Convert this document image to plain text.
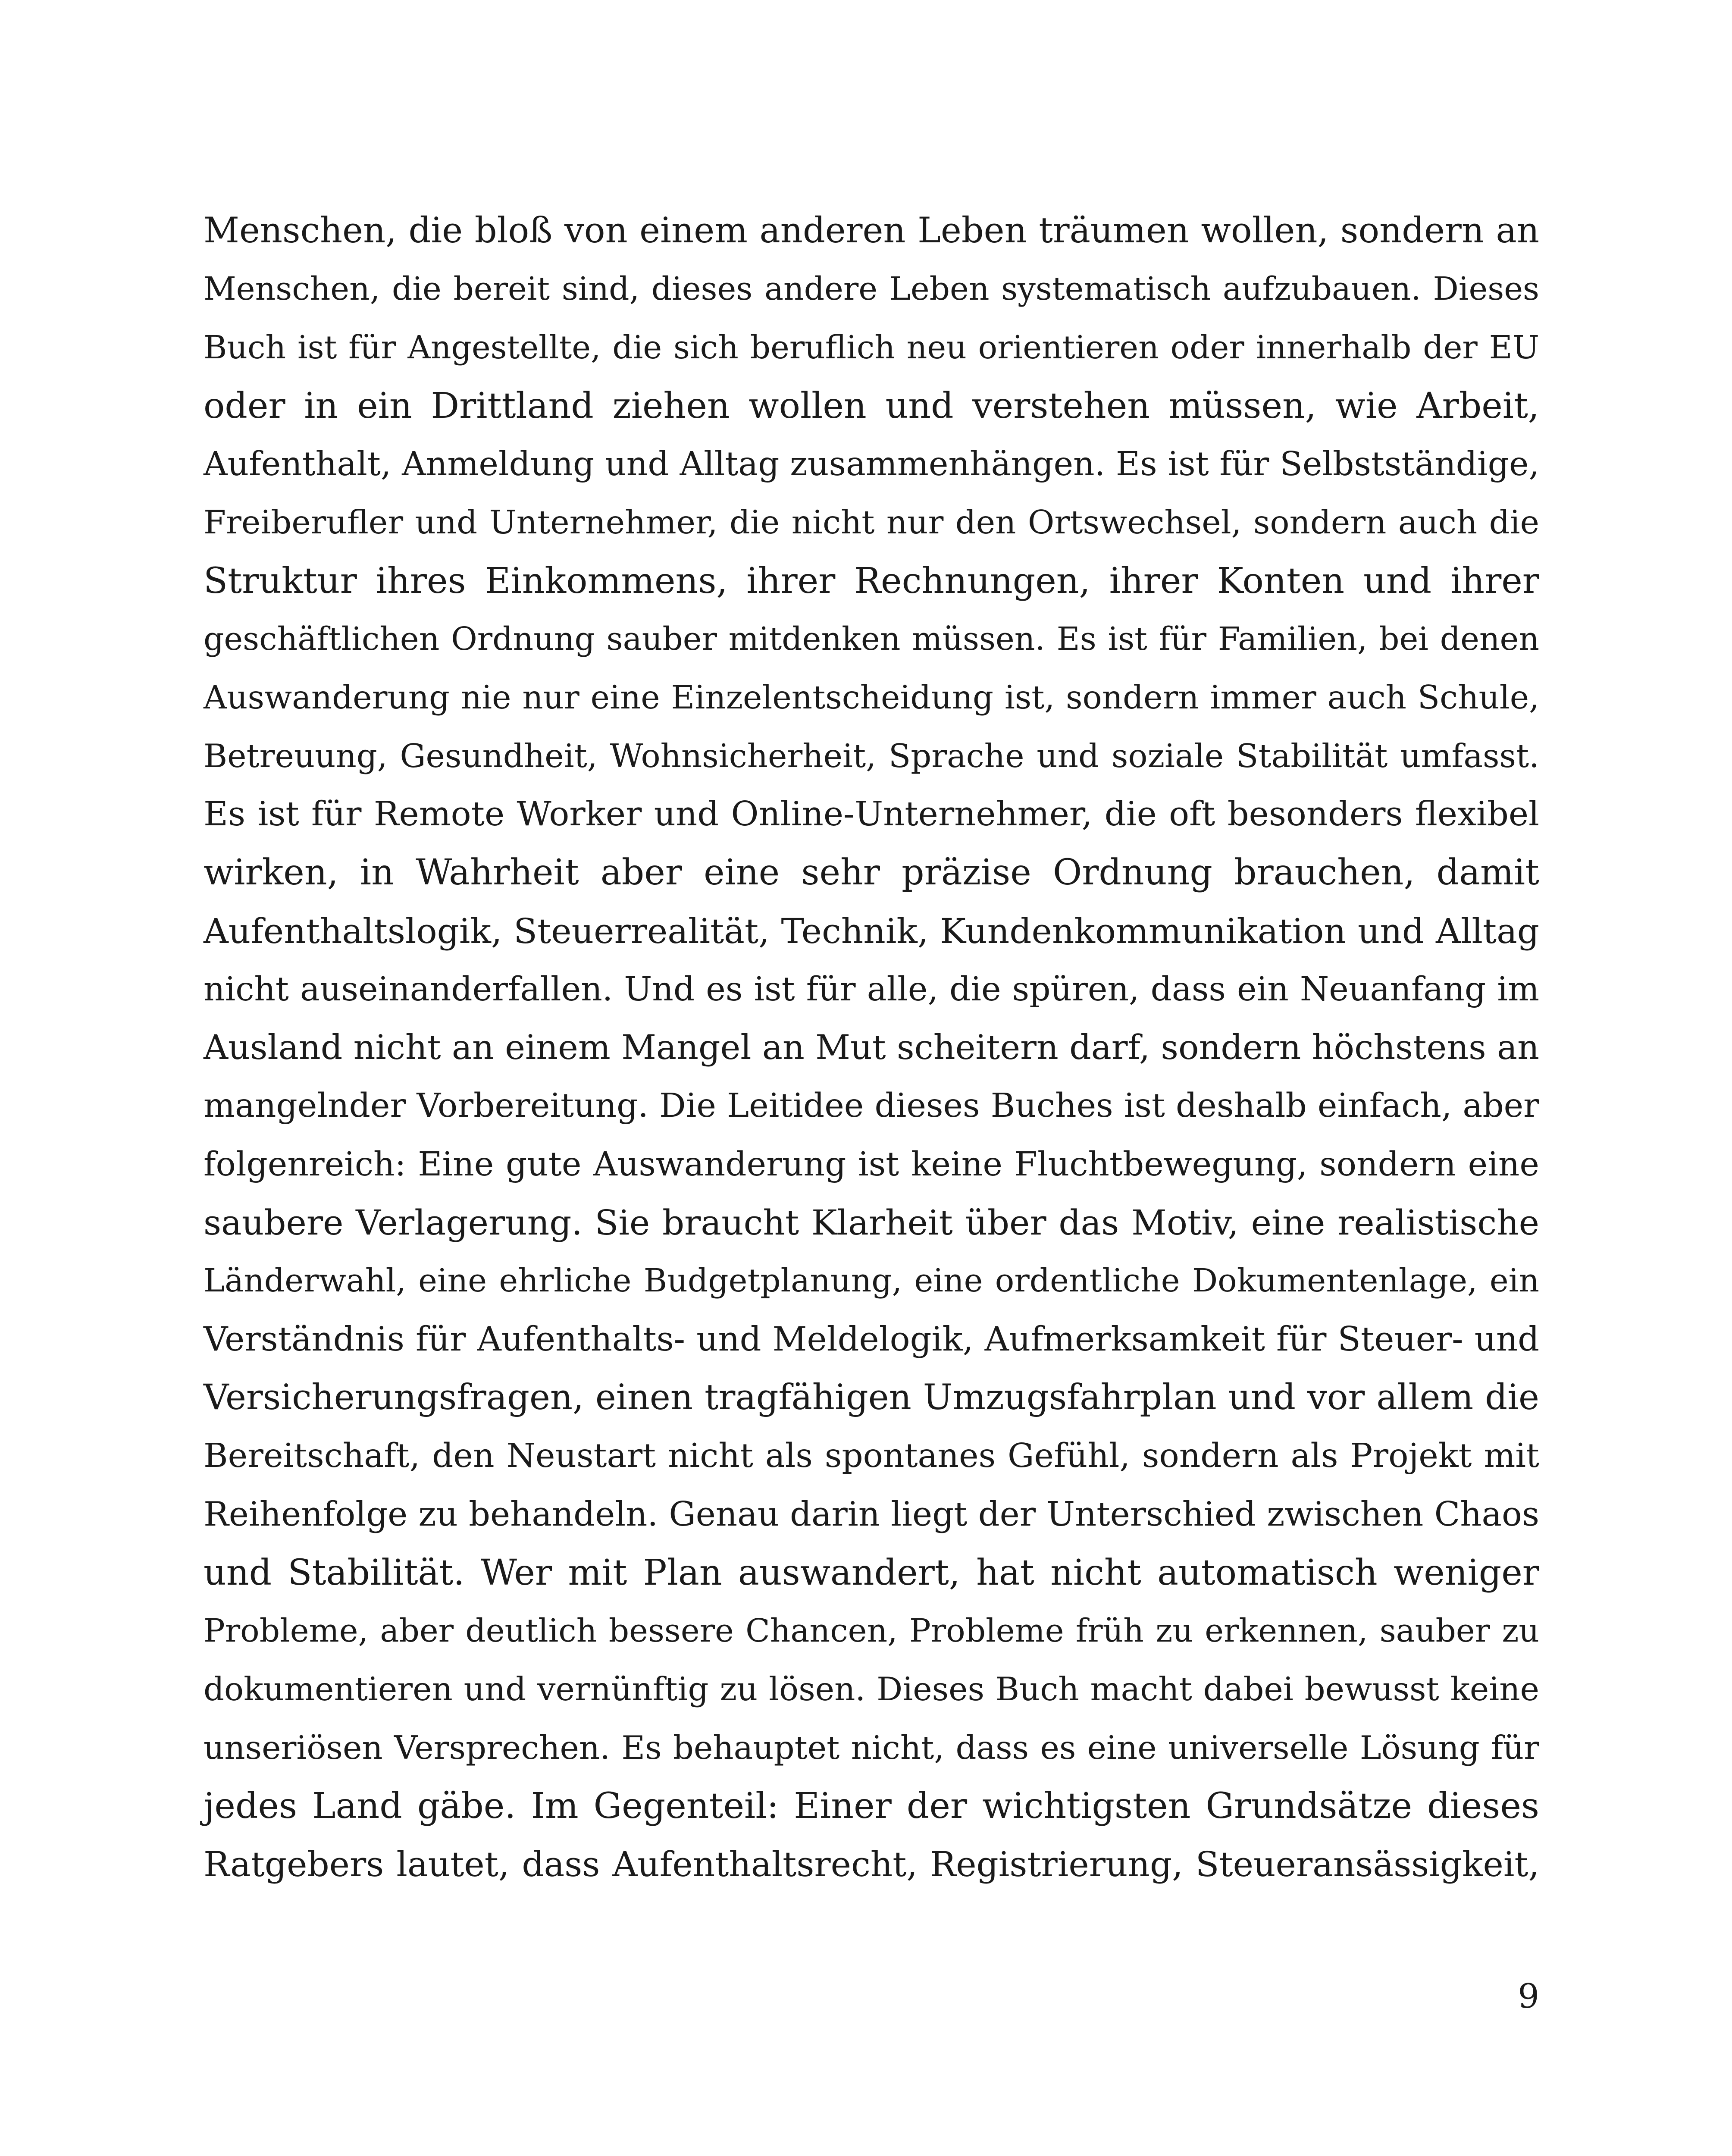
Menschen, die bloß von einem anderen Leben träumen wollen, sondern an
Menschen, die bereit sind, dieses andere Leben systematisch aufzubauen. Dieses
Buch ist für Angestellte, die sich beruflich neu orientieren oder innerhalb der EU
oder in ein Drittland ziehen wollen und verstehen müssen, wie Arbeit,
Aufenthalt, Anmeldung und Alltag zusammenhängen. Es ist für Selbstständige,
Freiberufler und Unternehmer, die nicht nur den Ortswechsel, sondern auch die
Struktur ihres Einkommens, ihrer Rechnungen, ihrer Konten und ihrer
geschäftlichen Ordnung sauber mitdenken müssen. Es ist für Familien, bei denen
Auswanderung nie nur eine Einzelentscheidung ist, sondern immer auch Schule,
Betreuung, Gesundheit, Wohnsicherheit, Sprache und soziale Stabilität umfasst.
Es ist für Remote Worker und Online-Unternehmer, die oft besonders flexibel
wirken, in Wahrheit aber eine sehr präzise Ordnung brauchen, damit
Aufenthaltslogik, Steuerrealität, Technik, Kundenkommunikation und Alltag
nicht auseinanderfallen. Und es ist für alle, die spüren, dass ein Neuanfang im
Ausland nicht an einem Mangel an Mut scheitern darf, sondern höchstens an
mangelnder Vorbereitung. Die Leitidee dieses Buches ist deshalb einfach, aber
folgenreich: Eine gute Auswanderung ist keine Fluchtbewegung, sondern eine
saubere Verlagerung. Sie braucht Klarheit über das Motiv, eine realistische
Länderwahl, eine ehrliche Budgetplanung, eine ordentliche Dokumentenlage, ein
Verständnis für Aufenthalts- und Meldelogik, Aufmerksamkeit für Steuer- und
Versicherungsfragen, einen tragfähigen Umzugsfahrplan und vor allem die
Bereitschaft, den Neustart nicht als spontanes Gefühl, sondern als Projekt mit
Reihenfolge zu behandeln. Genau darin liegt der Unterschied zwischen Chaos
und Stabilität. Wer mit Plan auswandert, hat nicht automatisch weniger
Probleme, aber deutlich bessere Chancen, Probleme früh zu erkennen, sauber zu
dokumentieren und vernünftig zu lösen. Dieses Buch macht dabei bewusst keine
unseriösen Versprechen. Es behauptet nicht, dass es eine universelle Lösung für
jedes Land gäbe. Im Gegenteil: Einer der wichtigsten Grundsätze dieses
Ratgebers lautet, dass Aufenthaltsrecht, Registrierung, Steueransässigkeit,
9
